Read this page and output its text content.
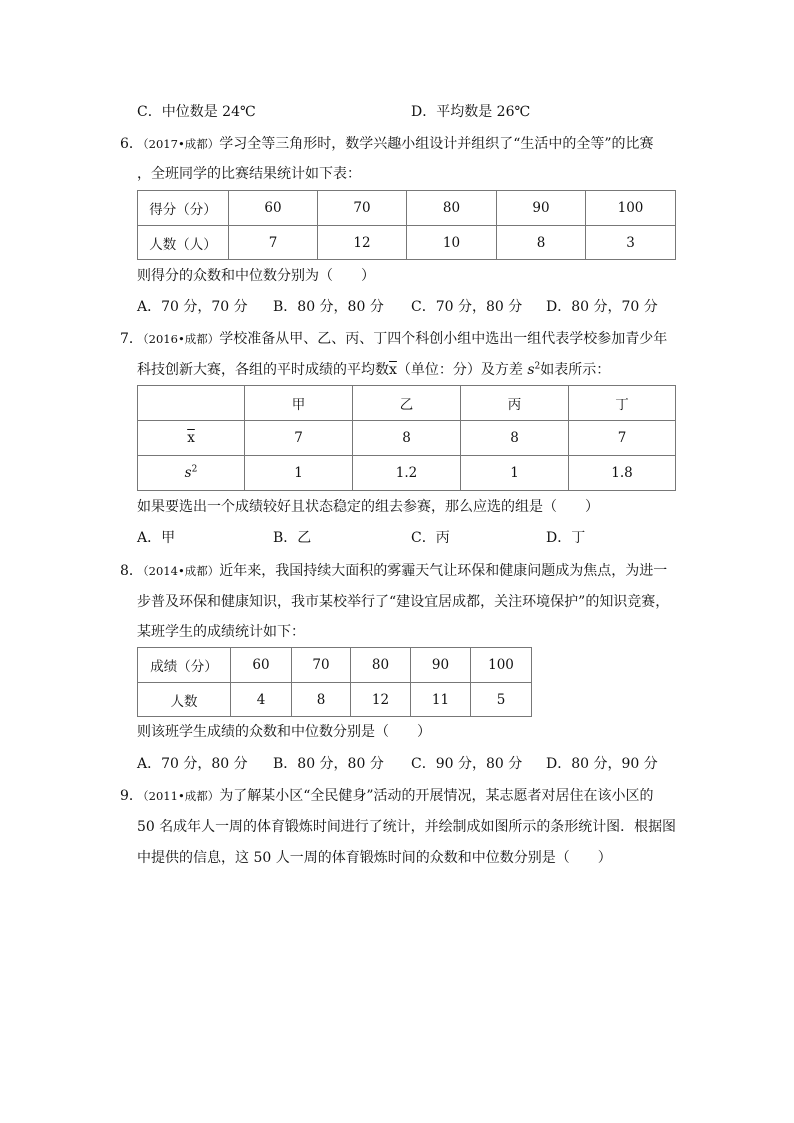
C．中位数是 24℃	D．平均数是 26℃
6．（2017•成都）学习全等三角形时，数学兴趣小组设计并组织了“生活中的全等”的比赛
，全班同学的比赛结果统计如下表：
得分（分）	60	70	80	90	100
人数（人）	7	12	10	8	3
则得分的众数和中位数分别为（　　）
A．70 分，70 分 B．80 分，80 分 C．70 分，80 分 D．80 分，70 分
7．（2016•成都）学校准备从甲、乙、丙、丁四个科创小组中选出一组代表学校参加青少年
科技创新大赛，各组的平时成绩的平均数$\overline{x}$（单位：分）及方差 $s^2$如表所示：
	甲	乙	丙	丁
$\overline{x}$	7	8	8	7
$s^2$	1	1.2	1	1.8
如果要选出一个成绩较好且状态稳定的组去参赛，那么应选的组是（　　）
A．甲	B．乙	C．丙	D．丁
8．（2014•成都）近年来，我国持续大面积的雾霾天气让环保和健康问题成为焦点，为进一
步普及环保和健康知识，我市某校举行了“建设宜居成都，关注环境保护”的知识竞赛，
某班学生的成绩统计如下：
成绩（分）	60	70	80	90	100
人数	4	8	12	11	5
则该班学生成绩的众数和中位数分别是（　　）
A．70 分，80 分 B．80 分，80 分 C．90 分，80 分 D．80 分，90 分
9．（2011•成都）为了解某小区“全民健身”活动的开展情况，某志愿者对居住在该小区的
50 名成年人一周的体育锻炼时间进行了统计，并绘制成如图所示的条形统计图．根据图
中提供的信息，这 50 人一周的体育锻炼时间的众数和中位数分别是（　　）
